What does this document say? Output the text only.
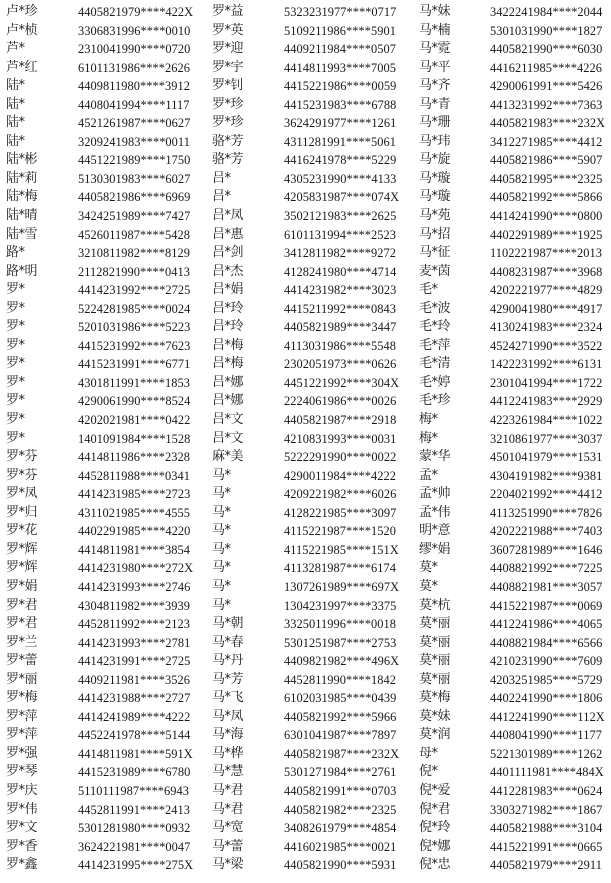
卢*珍	4405821979****422X
卢*桢	3306831996****0010
芦*	2310041990****0720
芦*红	6101131986****2626
陆*	4409811980****3912
陆*	4408041994****1117
陆*	4521261987****0627
陆*	3209241983****0011
陆*彬	4451221989****1750
陆*莉	5130301983****6027
陆*梅	4405821986****6969
陆*晴	3424251989****7427
陆*雪	4526011987****5428
路*	3210811982****8129
路*明	2112821990****0413
罗*	4414231992****2725
罗*	5224281985****0024
罗*	5201031986****5223
罗*	4415231992****7623
罗*	4415231991****6771
罗*	4301811991****1853
罗*	4290061990****8524
罗*	4202021981****0422
罗*	1401091984****1528
罗*芬	4414811986****2328
罗*芬	4452811988****0341
罗*凤	4414231985****2723
罗*归	4311021985****4555
罗*花	4402291985****4220
罗*辉	4414811981****3854
罗*辉	4414231980****272X
罗*娟	4414231993****2746
罗*君	4304811982****3939
罗*君	4452811992****2123
罗*兰	4414231993****2781
罗*蕾	4414231991****2725
罗*丽	4409211981****3526
罗*梅	4414231988****2727
罗*萍	4414241989****4222
罗*萍	4452241978****5144
罗*强	4414811981****591X
罗*琴	4415231989****6780
罗*庆	5110111987****6943
罗*伟	4452811991****2413
罗*文	5301281980****0932
罗*香	3624221981****0047
罗*鑫	4414231995****275X
罗*益	5323231977****0717
罗*英	5109211986****5901
罗*迎	4409211984****0507
罗*宇	4414811993****7005
罗*钊	4415221986****0059
罗*珍	4415231983****6788
罗*珍	3624291977****1261
骆*芳	4311281991****5061
骆*芳	4416241978****5229
吕*	4305231990****4133
吕*	4205831987****074X
吕*凤	3502121983****2625
吕*惠	6101131994****2523
吕*剑	3412811982****9272
吕*杰	4128241980****4714
吕*娟	4414231982****3023
吕*玲	4415211992****0843
吕*玲	4405821989****3447
吕*梅	4113031986****5548
吕*梅	2302051973****0626
吕*娜	4451221992****304X
吕*娜	2224061986****0026
吕*文	4405821987****2918
吕*文	4210831993****0031
麻*美	5222291990****0022
马*	4290011984****4222
马*	4209221982****6026
马*	4128221985****3097
马*	4115221987****1520
马*	4115221985****151X
马*	4113281987****6174
马*	1307261989****697X
马*	1304231997****3375
马*朝	3325011996****0018
马*春	5301251987****2753
马*丹	4409821982****496X
马*芳	4452811990****1842
马*飞	6102031985****0439
马*凤	4405821992****5966
马*海	6301041987****7897
马*桦	4405821987****232X
马*慧	5301271984****2761
马*君	4405821991****0703
马*君	4405821982****2325
马*宽	3408261979****4854
马*蕾	4416021985****0021
马*梁	4405821990****5931
马*妹	3422241984****2044
马*楠	5301031990****1827
马*霓	4405821990****6030
马*平	4416211985****4226
马*齐	4290061991****5426
马*青	4413231992****7363
马*珊	4405821983****232X
马*玮	3412271985****4412
马*旋	4405821986****5907
马*璇	4405821995****2325
马*璇	4405821992****5866
马*苑	4414241990****0800
马*招	4402291989****1925
马*征	1102221987****2013
麦*茵	4408231987****3968
毛*	4202221977****4829
毛*波	4290041980****4917
毛*玲	4130241983****2324
毛*萍	4524271990****3522
毛*清	1422231992****6131
毛*婷	2301041994****1722
毛*珍	4412241983****2929
梅*	4223261984****1022
梅*	3210861977****3037
蒙*华	4501041979****1531
孟*	4304191982****9381
孟*帅	2204021992****4412
孟*伟	4113251990****7826
明*意	4202221988****7403
缪*娟	3607281989****1646
莫*	4408821992****7225
莫*	4408821981****3057
莫*杭	4415221987****0069
莫*丽	4412241986****4065
莫*丽	4408821984****6566
莫*丽	4210231990****7609
莫*丽	4203251985****5729
莫*梅	4402241990****1806
莫*妹	4412241990****112X
莫*润	4408041990****1177
母*	5221301989****1262
倪*	4401111981****484X
倪*爱	4412281983****0624
倪*君	3303271982****1867
倪*玲	4405821988****3104
倪*娜	4415221991****0665
倪*忠	4405821979****2911
